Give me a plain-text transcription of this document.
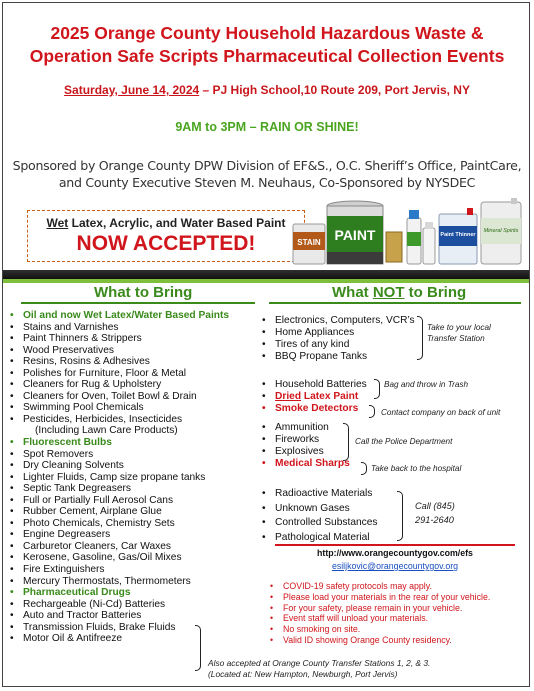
2025 Orange County Household Hazardous Waste &
Operation Safe Scripts Pharmaceutical Collection Events
Saturday, June 14, 2024 – PJ High School,10 Route 209, Port Jervis, NY
9AM to 3PM – RAIN OR SHINE!
Sponsored by Orange County DPW Division of EF&S., O.C. Sheriff’s Office, PaintCare,
and County Executive Steven M. Neuhaus, Co-Sponsored by NYSDEC
Wet Latex, Acrylic, and Water Based Paint
NOW ACCEPTED!	STAIN PAINT	Paint Thinner
Mineral Spirits
What to Bring
• Oil and now Wet Latex/Water Based Paints
• Stains and Varnishes
• Paint Thinners & Strippers
• Wood Preservatives
• Resins, Rosins & Adhesives
• Polishes for Furniture, Floor & Metal
• Cleaners for Rug & Upholstery
• Cleaners for Oven, Toilet Bowl & Drain
• Swimming Pool Chemicals
• Pesticides, Herbicides, Insecticides
(Including Lawn Care Products)
• Fluorescent Bulbs
• Spot Removers
• Dry Cleaning Solvents
• Lighter Fluids, Camp size propane tanks
• Septic Tank Degreasers
• Full or Partially Full Aerosol Cans
• Rubber Cement, Airplane Glue
• Photo Chemicals, Chemistry Sets
• Engine Degreasers
• Carburetor Cleaners, Car Waxes
• Kerosene, Gasoline, Gas/Oil Mixes
• Fire Extinguishers
• Mercury Thermostats, Thermometers
• Pharmaceutical Drugs
• Rechargeable (Ni-Cd) Batteries
• Auto and Tractor Batteries
• Transmission Fluids, Brake Fluids
• Motor Oil & Antifreeze
Also accepted at Orange County Transfer Stations 1, 2, & 3.
(Located at: New Hampton, Newburgh, Port Jervis)
What NOT to Bring
• Electronics, Computers, VCR’s
• Home Appliances
• Tires of any kind
• BBQ Propane Tanks
Take to your local Transfer Station
• Household Batteries
• Dried Latex Paint
• Smoke Detectors
Bag and throw in Trash
Contact company on back of unit
• Ammunition
• Fireworks
• Explosives
• Medical Sharps
Call the Police Department
Take back to the hospital
• Radioactive Materials
• Unknown Gases
• Controlled Substances
• Pathological Material
Call (845)
291-2640
http://www.orangecountygov.com/efs
esiljkovic@orangecountygov.org
• COVID-19 safety protocols may apply.
• Please load your materials in the rear of your vehicle.
• For your safety, please remain in your vehicle.
• Event staff will unload your materials.
• No smoking on site.
• Valid ID showing Orange County residency.
